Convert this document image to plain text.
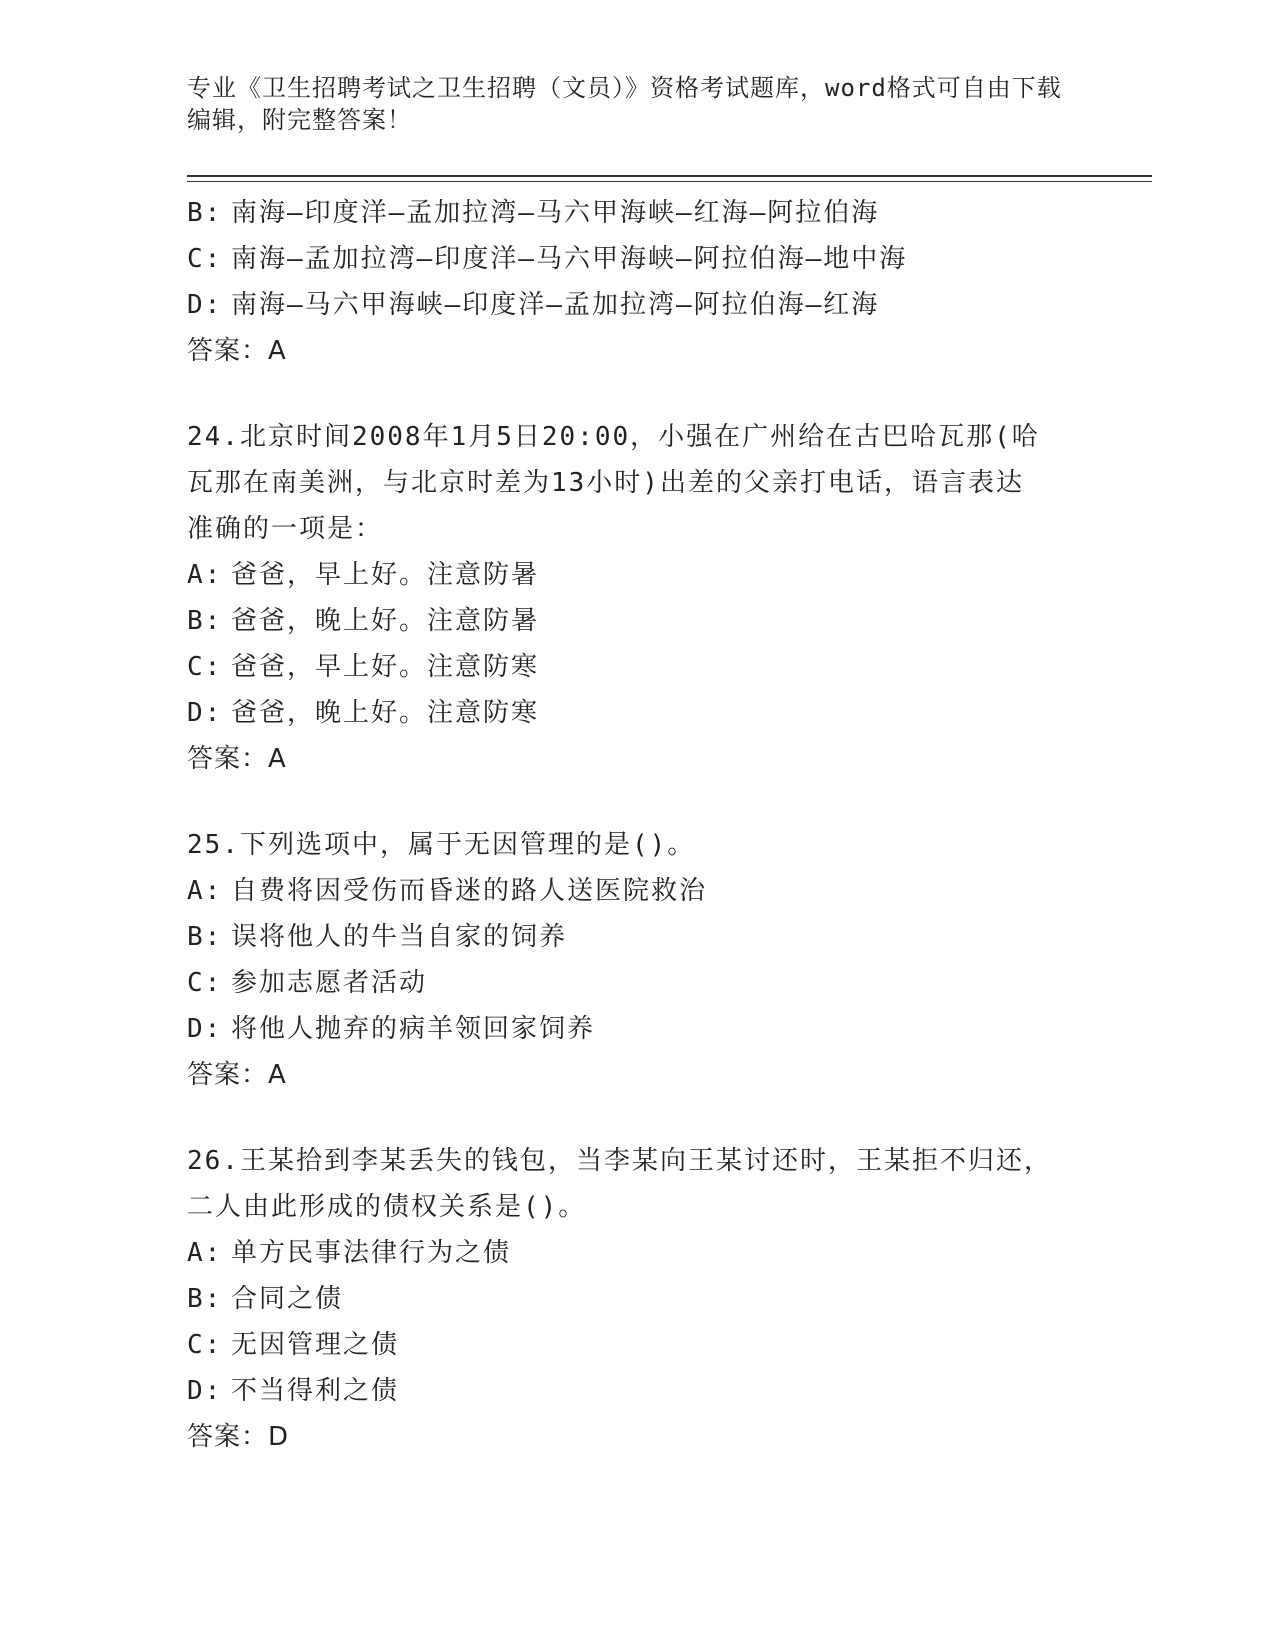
专业《卫生招聘考试之卫生招聘（文员）》资格考试题库，word格式可自由下载
编辑，附完整答案！
B: 南海—印度洋—孟加拉湾—马六甲海峡—红海—阿拉伯海
C: 南海—孟加拉湾—印度洋—马六甲海峡—阿拉伯海—地中海
D: 南海—马六甲海峡—印度洋—孟加拉湾—阿拉伯海—红海
答案：A
24.北京时间2008年1月5日20:00，小强在广州给在古巴哈瓦那(哈
瓦那在南美洲，与北京时差为13小时)出差的父亲打电话，语言表达
准确的一项是：
A: 爸爸，早上好。注意防暑
B: 爸爸，晚上好。注意防暑
C: 爸爸，早上好。注意防寒
D: 爸爸，晚上好。注意防寒
答案：A
25.下列选项中，属于无因管理的是()。
A: 自费将因受伤而昏迷的路人送医院救治
B: 误将他人的牛当自家的饲养
C: 参加志愿者活动
D: 将他人抛弃的病羊领回家饲养
答案：A
26.王某拾到李某丢失的钱包，当李某向王某讨还时，王某拒不归还，
二人由此形成的债权关系是()。
A: 单方民事法律行为之债
B: 合同之债
C: 无因管理之债
D: 不当得利之债
答案：D
